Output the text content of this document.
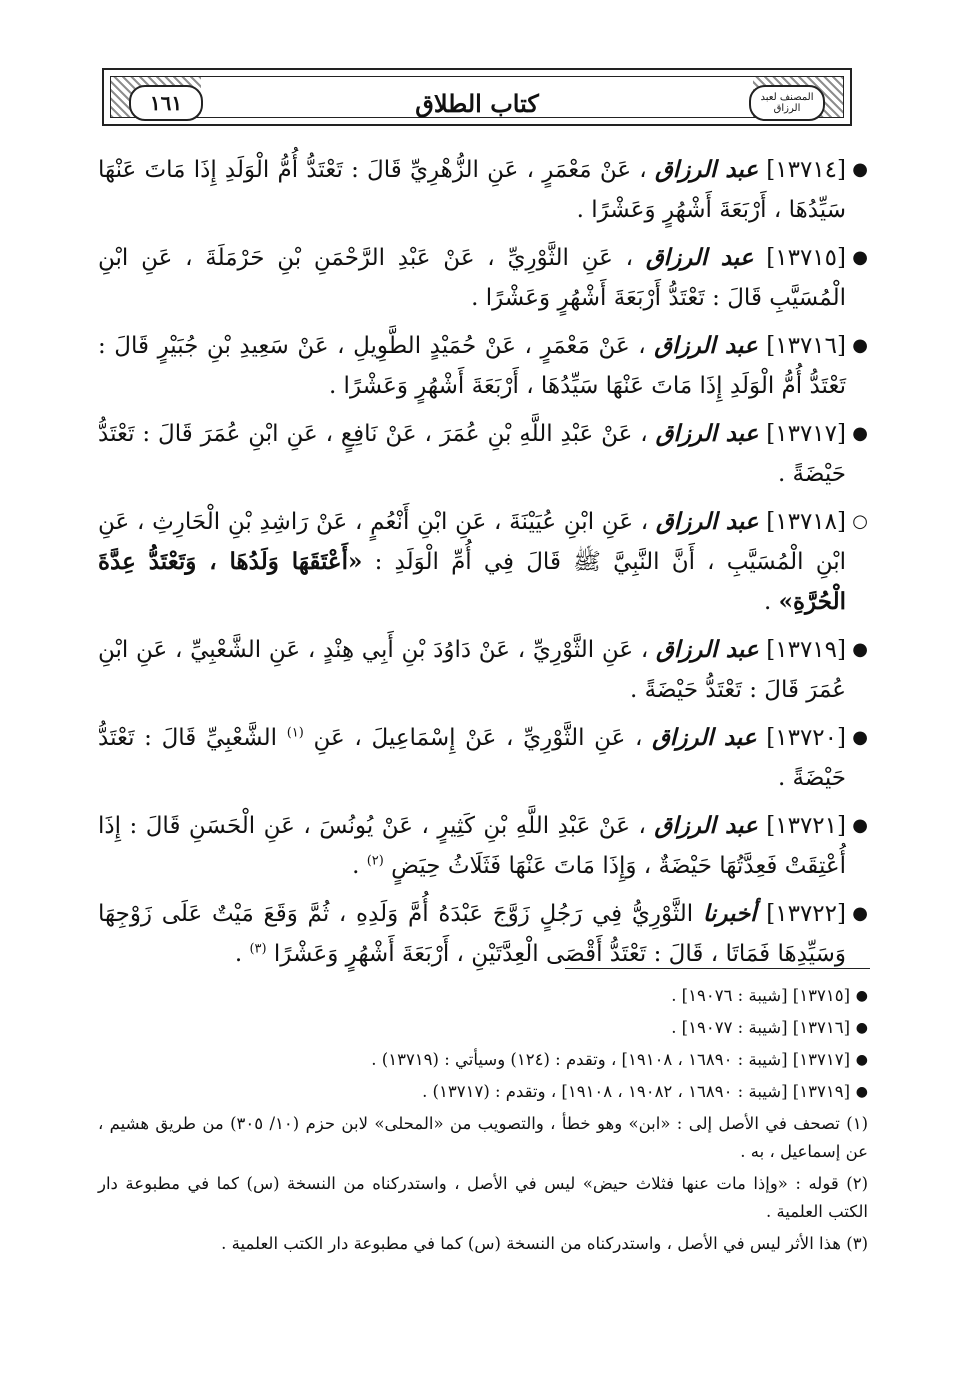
١٦١	كتاب الطلاق	المصنف لعبد الرزاق
●
[١٣٧١٤] عبد الرزاق ، عَنْ مَعْمَرٍ ، عَنِ الزُّهْرِيِّ قَالَ : تَعْتَدُّ أُمُّ الْوَلَدِ إِذَا مَاتَ عَنْهَا سَيِّدُهَا ، أَرْبَعَةَ أَشْهُرٍ وَعَشْرًا .
●
[١٣٧١٥] عبد الرزاق ، عَنِ الثَّوْرِيِّ ، عَنْ عَبْدِ الرَّحْمَنِ بْنِ حَرْمَلَةَ ، عَنِ ابْنِ الْمُسَيَّبِ قَالَ : تَعْتَدُّ أَرْبَعَةَ أَشْهُرٍ وَعَشْرًا .
●
[١٣٧١٦] عبد الرزاق ، عَنْ مَعْمَرٍ ، عَنْ حُمَيْدٍ الطَّوِيلِ ، عَنْ سَعِيدِ بْنِ جُبَيْرٍ قَالَ : تَعْتَدُّ أُمُّ الْوَلَدِ إِذَا مَاتَ عَنْهَا سَيِّدُهَا ، أَرْبَعَةَ أَشْهُرٍ وَعَشْرًا .
●
[١٣٧١٧] عبد الرزاق ، عَنْ عَبْدِ اللَّهِ بْنِ عُمَرَ ، عَنْ نَافِعٍ ، عَنِ ابْنِ عُمَرَ قَالَ : تَعْتَدُّ حَيْضَةً .
○
[١٣٧١٨] عبد الرزاق ، عَنِ ابْنِ عُيَيْنَةَ ، عَنِ ابْنِ أَنْعُمٍ ، عَنْ رَاشِدِ بْنِ الْحَارِثِ ، عَنِ ابْنِ الْمُسَيَّبِ ، أَنَّ النَّبِيَّ ﷺ قَالَ فِي أُمِّ الْوَلَدِ : «أَعْتَقَهَا وَلَدُهَا ، وَتَعْتَدُّ عِدَّةَ الْحُرَّةِ» .
●
[١٣٧١٩] عبد الرزاق ، عَنِ الثَّوْرِيِّ ، عَنْ دَاوُدَ بْنِ أَبِي هِنْدٍ ، عَنِ الشَّعْبِيِّ ، عَنِ ابْنِ عُمَرَ قَالَ : تَعْتَدُّ حَيْضَةً .
●
[١٣٧٢٠] عبد الرزاق ، عَنِ الثَّوْرِيِّ ، عَنْ إِسْمَاعِيلَ ، عَنِ $^{(١)}$ الشَّعْبِيِّ قَالَ : تَعْتَدُّ حَيْضَةً .
●
[١٣٧٢١] عبد الرزاق ، عَنْ عَبْدِ اللَّهِ بْنِ كَثِيرٍ ، عَنْ يُونُسَ ، عَنِ الْحَسَنِ قَالَ : إِذَا أُعْتِقَتْ فَعِدَّتُهَا حَيْضَةٌ ، وَإِذَا مَاتَ عَنْهَا فَثَلَاثُ حِيَضٍ $^{(٢)}$ .
●
[١٣٧٢٢] أخبرنا الثَّوْرِيُّ فِي رَجُلٍ زَوَّجَ عَبْدَهُ أُمَّ وَلَدِهِ ، ثُمَّ وَقَعَ مَيْتٌ عَلَى زَوْجِهَا وَسَيِّدِهَا فَمَاتَا ، قَالَ : تَعْتَدُّ أَقْصَى الْعِدَّتَيْنِ ، أَرْبَعَةَ أَشْهُرٍ وَعَشْرًا $^{(٣)}$ .
●
[١٣٧١٥] [شيبة : ١٩٠٧٦] .
●
[١٣٧١٦] [شيبة : ١٩٠٧٧] .
●
[١٣٧١٧] [شيبة : ١٦٨٩٠ ، ١٩١٠٨] ، وتقدم : (١٢٤) وسيأتي : (١٣٧١٩) .
●
[١٣٧١٩] [شيبة : ١٦٨٩٠ ، ١٩٠٨٢ ، ١٩١٠٨] ، وتقدم : (١٣٧١٧) .
(١) تصحف في الأصل إلى : «ابن» وهو خطأ ، والتصويب من «المحلى» لابن حزم (١٠/ ٣٠٥) من طريق هشيم ، عن إسماعيل ، به .
(٢) قوله : «وإذا مات عنها فثلاث حيض» ليس في الأصل ، واستدركناه من النسخة (س) كما في مطبوعة دار الكتب العلمية .
(٣) هذا الأثر ليس في الأصل ، واستدركناه من النسخة (س) كما في مطبوعة دار الكتب العلمية .
